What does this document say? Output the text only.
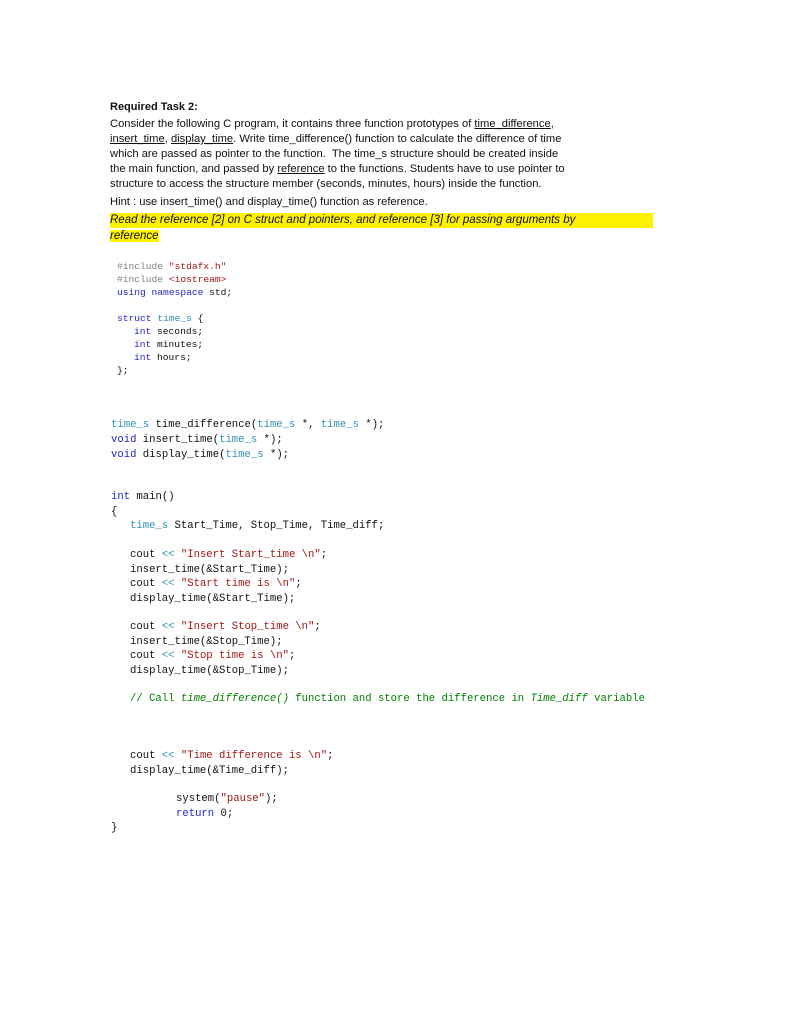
Required Task 2:
Consider the following C program, it contains three function prototypes of time_difference,
insert_time, display_time. Write time_difference() function to calculate the difference of time
which are passed as pointer to the function.  The time_s structure should be created inside
the main function, and passed by reference to the functions. Students have to use pointer to
structure to access the structure member (seconds, minutes, hours) inside the function.
Hint : use insert_time() and display_time() function as reference.
Read the reference [2] on C struct and pointers, and reference [3] for passing arguments by
reference
#include "stdafx.h"
#include <iostream>
using namespace std;
struct time_s {
int seconds;
int minutes;
int hours;
};
time_s time_difference(time_s *, time_s *);
void insert_time(time_s *);
void display_time(time_s *);
int main()
{
time_s Start_Time, Stop_Time, Time_diff;
cout << "Insert Start_time \n";
insert_time(&Start_Time);
cout << "Start time is \n";
display_time(&Start_Time);
cout << "Insert Stop_time \n";
insert_time(&Stop_Time);
cout << "Stop time is \n";
display_time(&Stop_Time);
// Call time_difference() function and store the difference in Time_diff variable
cout << "Time difference is \n";
display_time(&Time_diff);
system("pause");
return 0;
}
